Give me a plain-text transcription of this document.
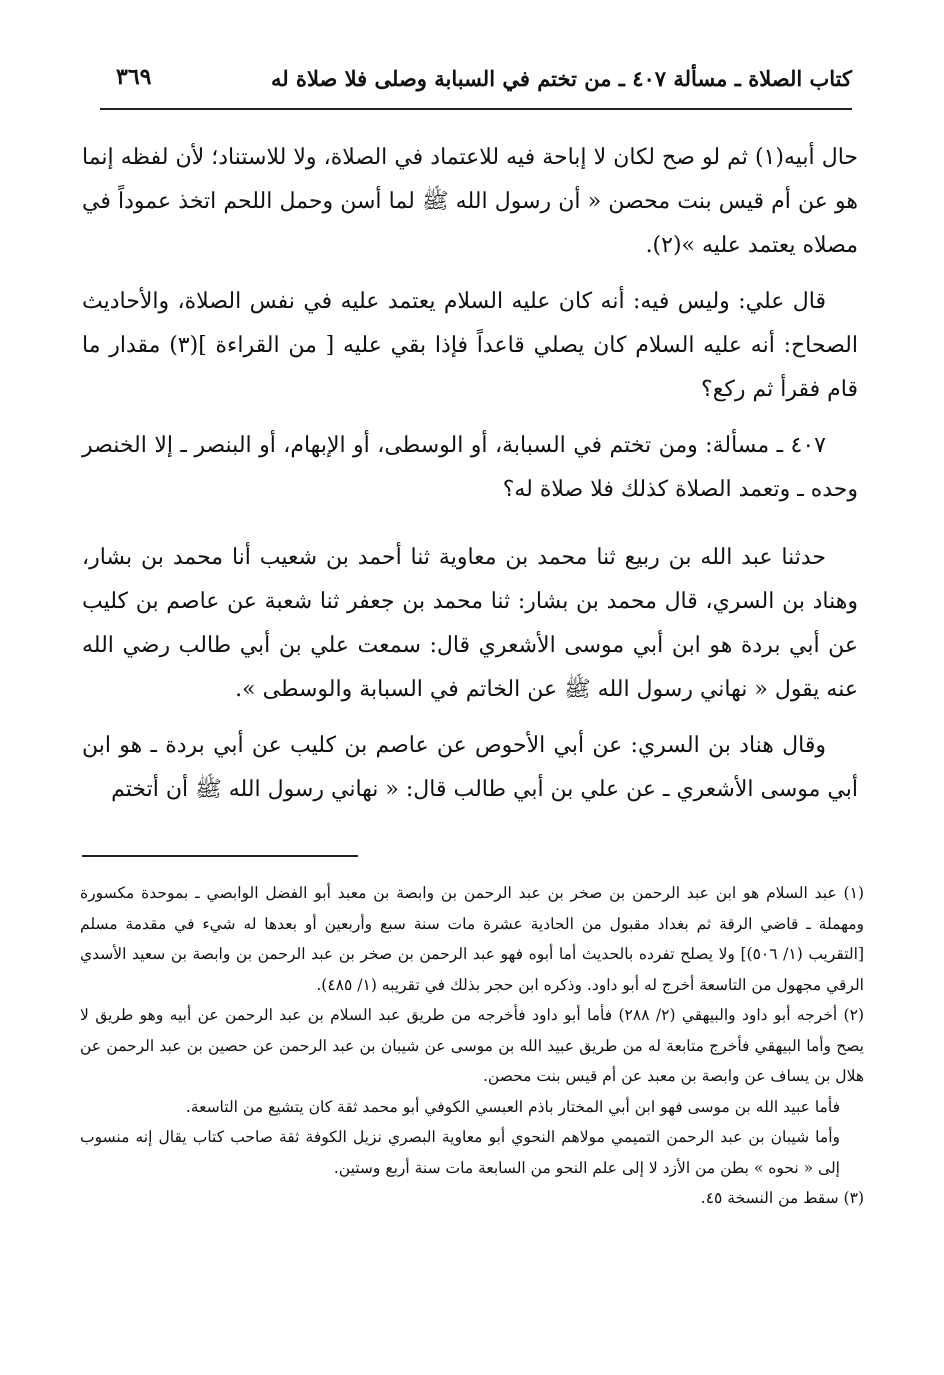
كتاب الصلاة ـ مسألة ٤٠٧ ـ من تختم في السبابة وصلى فلا صلاة له
٣٦٩

حال أبيه(١) ثم لو صح لكان لا إباحة فيه للاعتماد في الصلاة، ولا للاستناد؛ لأن لفظه إنما هو عن أم قيس بنت محصن « أن رسول الله ﷺ لما أسن وحمل اللحم اتخذ عموداً في مصلاه يعتمد عليه »(٢).

قال علي: وليس فيه: أنه كان عليه السلام يعتمد عليه في نفس الصلاة، والأحاديث الصحاح: أنه عليه السلام كان يصلي قاعداً فإذا بقي عليه [ من القراءة ](٣) مقدار ما قام فقرأ ثم ركع؟

٤٠٧ ـ مسألة: ومن تختم في السبابة، أو الوسطى، أو الإبهام، أو البنصر ـ إلا الخنصر وحده ـ وتعمد الصلاة كذلك فلا صلاة له؟

حدثنا عبد الله بن ربيع ثنا محمد بن معاوية ثنا أحمد بن شعيب أنا محمد بن بشار، وهناد بن السري، قال محمد بن بشار: ثنا محمد بن جعفر ثنا شعبة عن عاصم بن كليب عن أبي بردة هو ابن أبي موسى الأشعري قال: سمعت علي بن أبي طالب رضي الله عنه يقول « نهاني رسول الله ﷺ عن الخاتم في السبابة والوسطى ».

وقال هناد بن السري: عن أبي الأحوص عن عاصم بن كليب عن أبي بردة ـ هو ابن أبي موسى الأشعري ـ عن علي بن أبي طالب قال: « نهاني رسول الله ﷺ أن أتختم

(١) عبد السلام هو ابن عبد الرحمن بن صخر بن عبد الرحمن بن وابصة بن معبد أبو الفضل الوابصي ـ بموحدة مكسورة ومهملة ـ قاضي الرقة ثم بغداد مقبول من الحادية عشرة مات سنة سبع وأربعين أو بعدها له شيء في مقدمة مسلم [التقريب (١/ ٥٠٦)] ولا يصلح تفرده بالحديث أما أبوه فهو عبد الرحمن بن صخر بن عبد الرحمن بن وابصة بن سعيد الأسدي الرقي مجهول من التاسعة أخرج له أبو داود. وذكره ابن حجر بذلك في تقريبه (١/ ٤٨٥).

(٢) أخرجه أبو داود والبيهقي (٢/ ٢٨٨) فأما أبو داود فأخرجه من طريق عبد السلام بن عبد الرحمن عن أبيه وهو طريق لا يصح وأما البيهقي فأخرج متابعة له من طريق عبيد الله بن موسى عن شيبان بن عبد الرحمن عن حصين بن عبد الرحمن عن هلال بن يساف عن وابصة بن معبد عن أم قيس بنت محصن.
فأما عبيد الله بن موسى فهو ابن أبي المختار باذم العبسي الكوفي أبو محمد ثقة كان يتشيع من التاسعة.
وأما شيبان بن عبد الرحمن التميمي مولاهم النحوي أبو معاوية البصري نزيل الكوفة ثقة صاحب كتاب يقال إنه منسوب إلى « نحوه » بطن من الأزد لا إلى علم النحو من السابعة مات سنة أربع وستين.

(٣) سقط من النسخة ٤٥.
